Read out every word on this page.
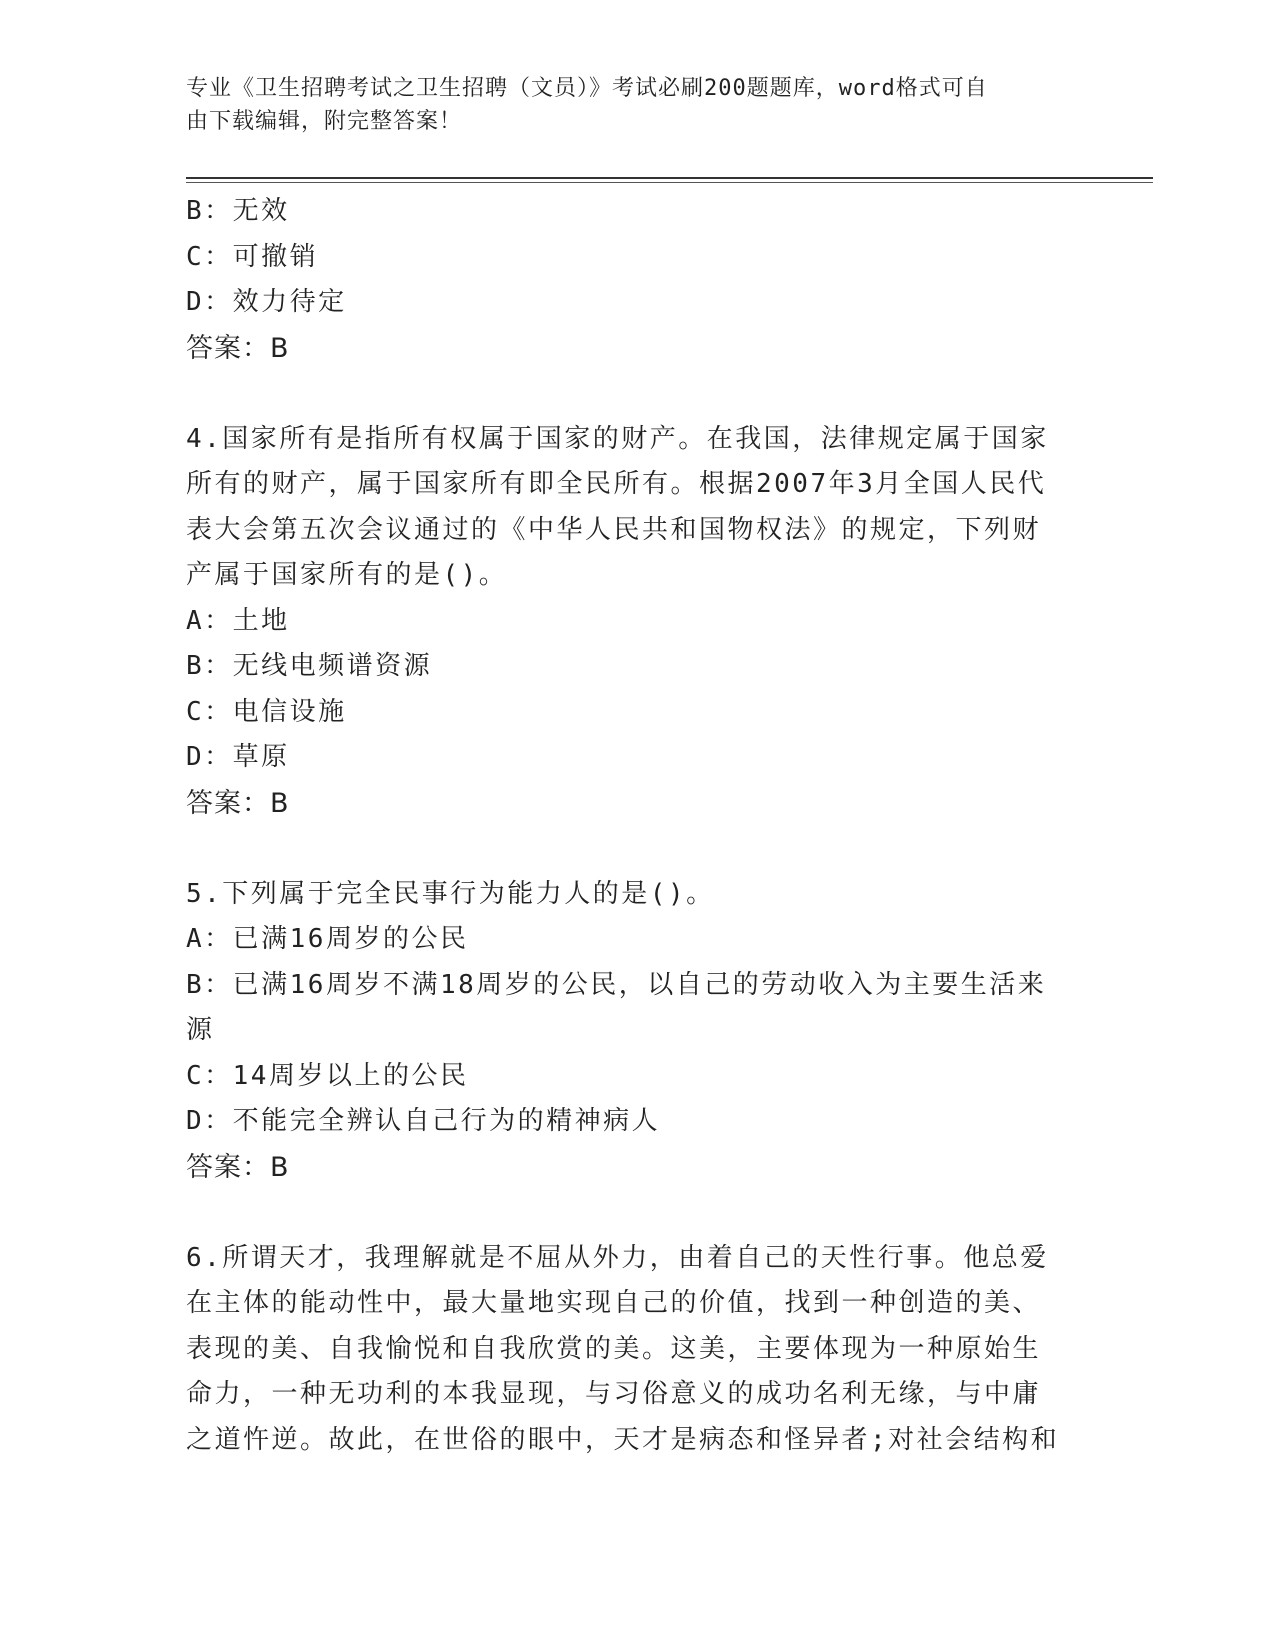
专业《卫生招聘考试之卫生招聘（文员）》考试必刷200题题库，word格式可自
由下载编辑，附完整答案！
B：无效
C：可撤销
D：效力待定
答案：B
4.国家所有是指所有权属于国家的财产。在我国，法律规定属于国家
所有的财产，属于国家所有即全民所有。根据2007年3月全国人民代
表大会第五次会议通过的《中华人民共和国物权法》的规定，下列财
产属于国家所有的是()。
A：土地
B：无线电频谱资源
C：电信设施
D：草原
答案：B
5.下列属于完全民事行为能力人的是()。
A：已满16周岁的公民
B：已满16周岁不满18周岁的公民，以自己的劳动收入为主要生活来
源
C：14周岁以上的公民
D：不能完全辨认自己行为的精神病人
答案：B
6.所谓天才，我理解就是不屈从外力，由着自己的天性行事。他总爱
在主体的能动性中，最大量地实现自己的价值，找到一种创造的美、
表现的美、自我愉悦和自我欣赏的美。这美，主要体现为一种原始生
命力，一种无功利的本我显现，与习俗意义的成功名利无缘，与中庸
之道忤逆。故此，在世俗的眼中，天才是病态和怪异者;对社会结构和
